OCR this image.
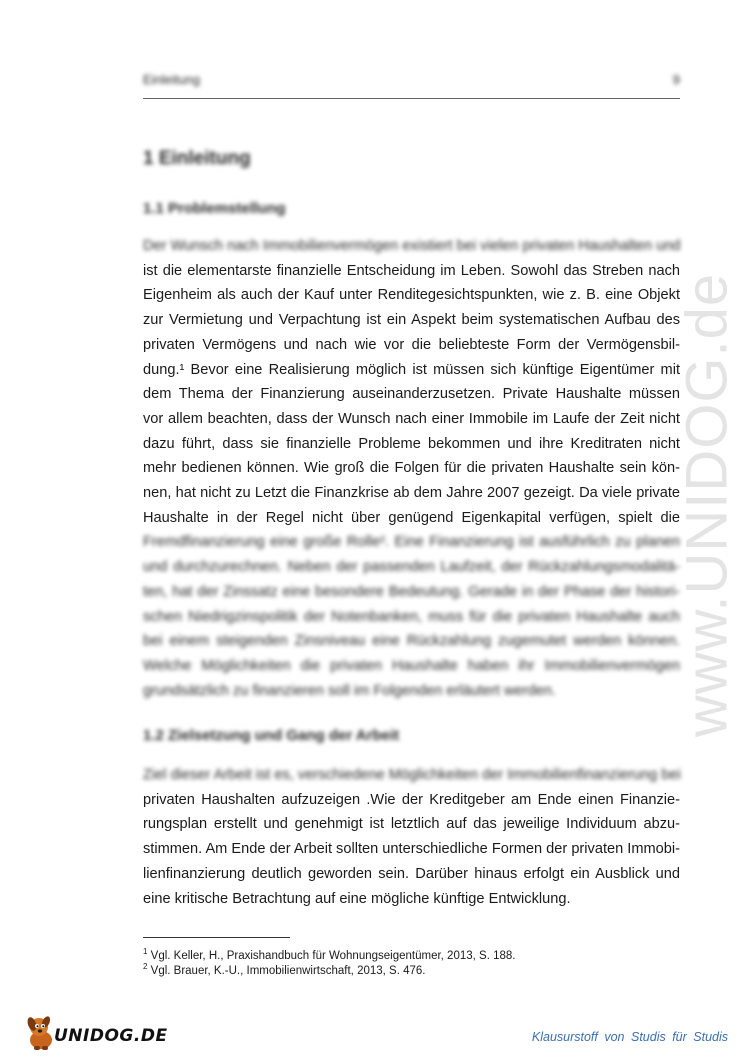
Einleitung	9
1 Einleitung
1.1 Problemstellung
Der Wunsch nach Immobilienvermögen existiert bei vielen privaten Haushalten und
ist die elementarste finanzielle Entscheidung im Leben. Sowohl das Streben nach
Eigenheim als auch der Kauf unter Renditegesichtspunkten, wie z. B. eine Objekt
zur Vermietung und Verpachtung ist ein Aspekt beim systematischen Aufbau des
privaten Vermögens und nach wie vor die beliebteste Form der Vermögensbil-
dung.¹ Bevor eine Realisierung möglich ist müssen sich künftige Eigentümer mit
dem Thema der Finanzierung auseinanderzusetzen. Private Haushalte müssen
vor allem beachten, dass der Wunsch nach einer Immobile im Laufe der Zeit nicht
dazu führt, dass sie finanzielle Probleme bekommen und ihre Kreditraten nicht
mehr bedienen können. Wie groß die Folgen für die privaten Haushalte sein kön-
nen, hat nicht zu Letzt die Finanzkrise ab dem Jahre 2007 gezeigt. Da viele private
Haushalte in der Regel nicht über genügend Eigenkapital verfügen, spielt die
Fremdfinanzierung eine große Rolle². Eine Finanzierung ist ausführlich zu planen
und durchzurechnen. Neben der passenden Laufzeit, der Rückzahlungsmodalitä-
ten, hat der Zinssatz eine besondere Bedeutung. Gerade in der Phase der histori-
schen Niedrigzinspolitik der Notenbanken, muss für die privaten Haushalte auch
bei einem steigenden Zinsniveau eine Rückzahlung zugemutet werden können.
Welche Möglichkeiten die privaten Haushalte haben ihr Immobilienvermögen
grundsätzlich zu finanzieren soll im Folgenden erläutert werden.
1.2 Zielsetzung und Gang der Arbeit
Ziel dieser Arbeit ist es, verschiedene Möglichkeiten der Immobilienfinanzierung bei
privaten Haushalten aufzuzeigen .Wie der Kreditgeber am Ende einen Finanzie-
rungsplan erstellt und genehmigt ist letztlich auf das jeweilige Individuum abzu-
stimmen. Am Ende der Arbeit sollten unterschiedliche Formen der privaten Immobi-
lienfinanzierung deutlich geworden sein. Darüber hinaus erfolgt ein Ausblick und
eine kritische Betrachtung auf eine mögliche künftige Entwicklung.
$^1$ Vgl. Keller, H., Praxishandbuch für Wohnungseigentümer, 2013, S. 188.
$^2$ Vgl. Brauer, K.-U., Immobilienwirtschaft, 2013, S. 476.
www.UNIDOG.de
UNIDOG.DE	Klausurstoff von Studis für Studis
